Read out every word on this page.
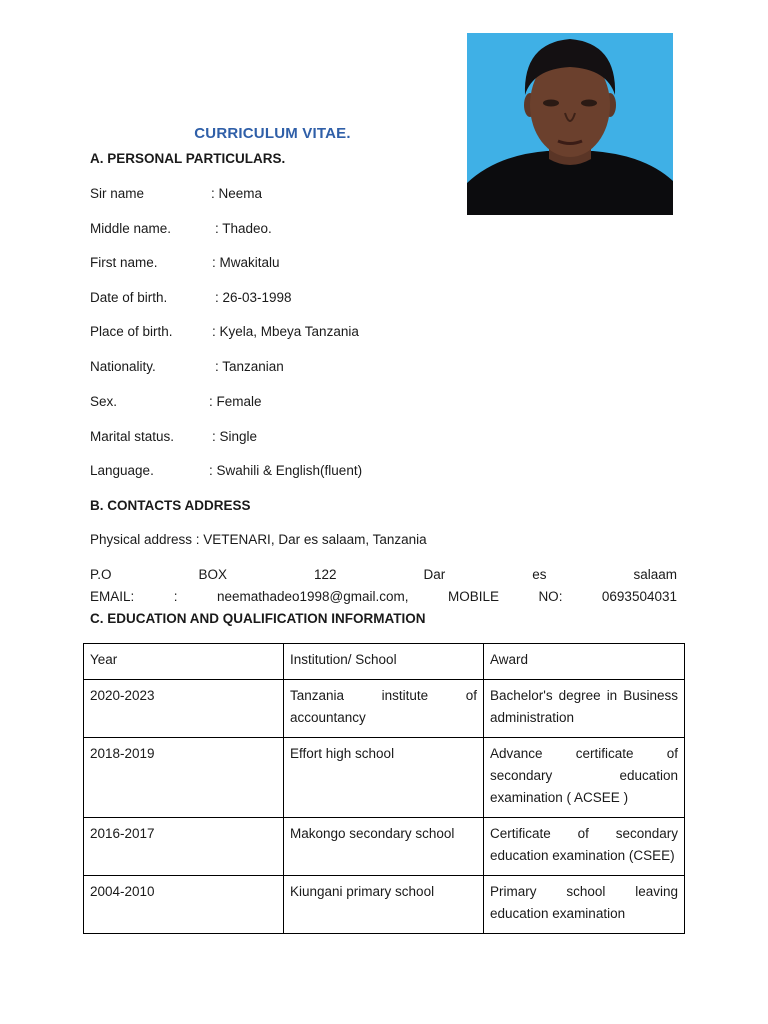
CURRICULUM VITAE.
A. PERSONAL PARTICULARS.
Sir name	: Neema
Middle name.	: Thadeo.
First name.	: Mwakitalu
Date of birth.	: 26-03-1998
Place of birth.	: Kyela, Mbeya Tanzania
Nationality.	: Tanzanian
Sex.	: Female
Marital status.	: Single
Language.	: Swahili & English(fluent)
B. CONTACTS ADDRESS
Physical address : VETENARI, Dar es salaam, Tanzania
P.O	BOX	122	Dar	es	salaam
EMAIL:	:	neemathadeo1998@gmail.com,	MOBILE	NO:	0693504031
C. EDUCATION AND QUALIFICATION INFORMATION
Year	Institution/ School	Award
2020-2023	Tanzania institute of accountancy	Bachelor's degree in Business administration
2018-2019	Effort high school	Advance certificate of secondary education examination ( ACSEE )
2016-2017	Makongo secondary school	Certificate of secondary education examination (CSEE)
2004-2010	Kiungani primary school	Primary school leaving education examination
